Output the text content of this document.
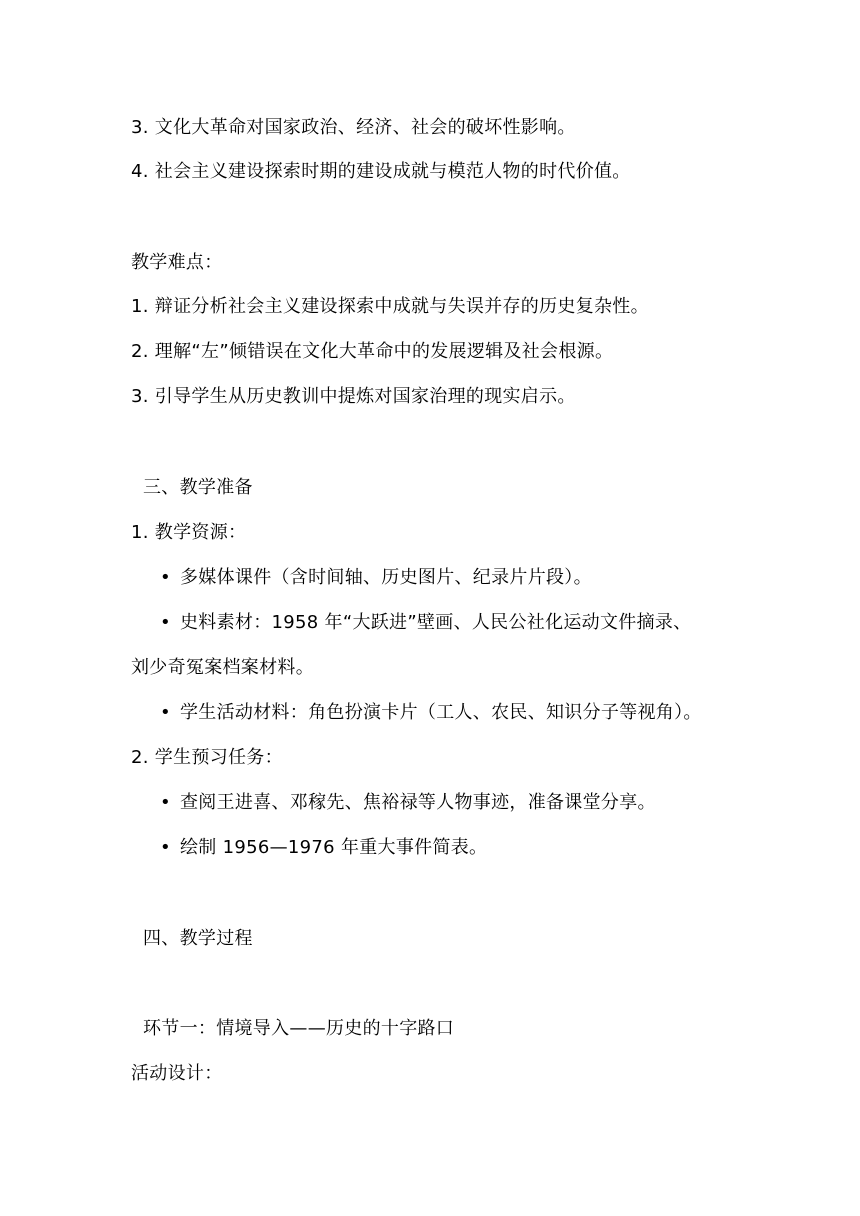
3. 文化大革命对国家政治、经济、社会的破坏性影响。
4. 社会主义建设探索时期的建设成就与模范人物的时代价值。
教学难点：
1. 辩证分析社会主义建设探索中成就与失误并存的历史复杂性。
2. 理解“左”倾错误在文化大革命中的发展逻辑及社会根源。
3. 引导学生从历史教训中提炼对国家治理的现实启示。
三、教学准备
1. 教学资源：
• 多媒体课件（含时间轴、历史图片、纪录片片段）。
• 史料素材：1958 年“大跃进”壁画、人民公社化运动文件摘录、
刘少奇冤案档案材料。
• 学生活动材料：角色扮演卡片（工人、农民、知识分子等视角）。
2. 学生预习任务：
• 查阅王进喜、邓稼先、焦裕禄等人物事迹，准备课堂分享。
• 绘制 1956—1976 年重大事件简表。
四、教学过程
环节一：情境导入——历史的十字路口
活动设计：
